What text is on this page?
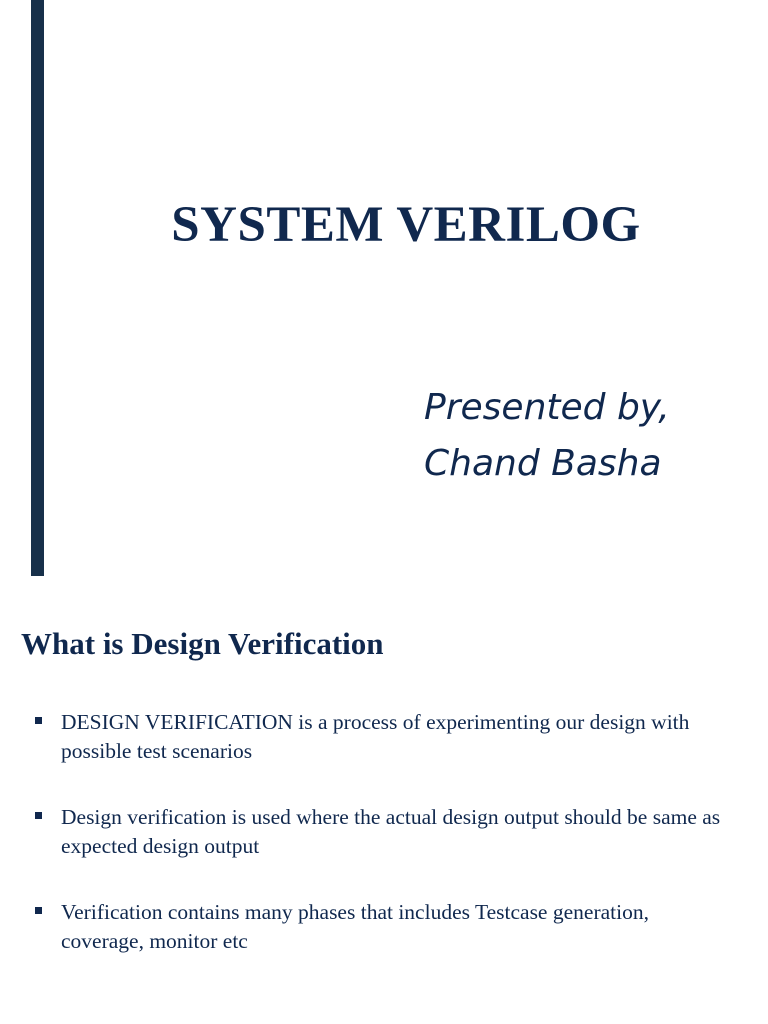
SYSTEM VERILOG
Presented by,
Chand Basha
What is Design Verification
DESIGN VERIFICATION is a process of experimenting our design with possible test scenarios
Design verification is used where the actual design output should be same as expected design output
Verification contains many phases that includes Testcase generation, coverage, monitor etc
